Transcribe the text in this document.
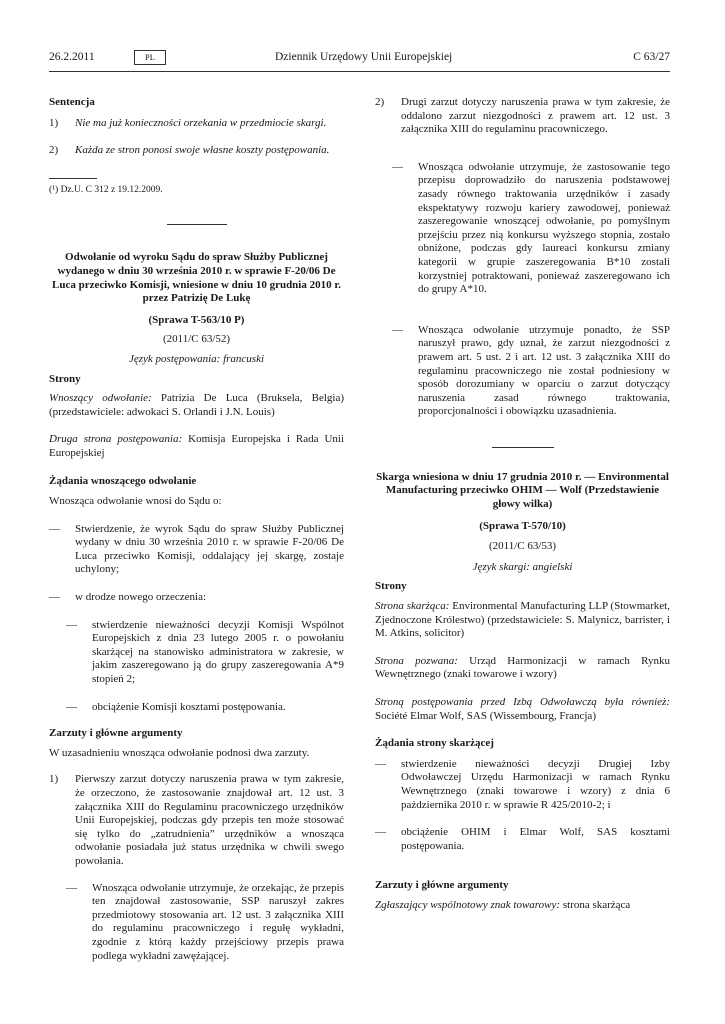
26.2.2011	PL	Dziennik Urzędowy Unii Europejskiej	C 63/27

Sentencja

1)	Nie ma już konieczności orzekania w przedmiocie skargi.
2)	Każda ze stron ponosi swoje własne koszty postępowania.

(¹) Dz.U. C 312 z 19.12.2009.

Odwołanie od wyroku Sądu do spraw Służby Publicznej wydanego w dniu 30 września 2010 r. w sprawie F-20/06 De Luca przeciwko Komisji, wniesione w dniu 10 grudnia 2010 r. przez Patrizię De Lukę

(Sprawa T-563/10 P)

(2011/C 63/52)

Język postępowania: francuski

Strony

Wnoszący odwołanie: Patrizia De Luca (Bruksela, Belgia) (przedstawiciele: adwokaci S. Orlandi i J.N. Louis)

Druga strona postępowania: Komisja Europejska i Rada Unii Europejskiej

Żądania wnoszącego odwołanie

Wnosząca odwołanie wnosi do Sądu o:

—	Stwierdzenie, że wyrok Sądu do spraw Służby Publicznej wydany w dniu 30 września 2010 r. w sprawie F-20/06 De Luca przeciwko Komisji, oddalający jej skargę, zostaje uchylony;
—	w drodze nowego orzeczenia:
—	stwierdzenie nieważności decyzji Komisji Wspólnot Europejskich z dnia 23 lutego 2005 r. o powołaniu skarżącej na stanowisko administratora w zakresie, w jakim zaszeregowano ją do grupy zaszeregowania A*9 stopień 2;
—	obciążenie Komisji kosztami postępowania.

Zarzuty i główne argumenty

W uzasadnieniu wnosząca odwołanie podnosi dwa zarzuty.

1)	Pierwszy zarzut dotyczy naruszenia prawa w tym zakresie, że orzeczono, że zastosowanie znajdował art. 12 ust. 3 załącznika XIII do Regulaminu pracowniczego urzędników Unii Europejskiej, podczas gdy przepis ten może stosować się tylko do „zatrudnienia” urzędników a wnosząca odwołanie posiadała już status urzędnika w chwili swego powołania.
—	Wnosząca odwołanie utrzymuje, że orzekając, że przepis ten znajdował zastosowanie, SSP naruszył zakres przedmiotowy stosowania art. 12 ust. 3 załącznika XIII do regulaminu pracowniczego i regułę wykładni, zgodnie z którą każdy przejściowy przepis prawa podlega wykładni zawężającej.
2)	Drugi zarzut dotyczy naruszenia prawa w tym zakresie, że oddalono zarzut niezgodności z prawem art. 12 ust. 3 załącznika XIII do regulaminu pracowniczego.
—	Wnosząca odwołanie utrzymuje, że zastosowanie tego przepisu doprowadziło do naruszenia podstawowej zasady równego traktowania urzędników i zasady ekspektatywy rozwoju kariery zawodowej, ponieważ zaszeregowanie wnoszącej odwołanie, po pomyślnym przejściu przez nią konkursu wyższego stopnia, zostało obniżone, podczas gdy laureaci konkursu zmiany kategorii w grupie zaszeregowania B*10 zostali korzystniej potraktowani, ponieważ zaszeregowano ich do grupy A*10.
—	Wnosząca odwołanie utrzymuje ponadto, że SSP naruszył prawo, gdy uznał, że zarzut niezgodności z prawem art. 5 ust. 2 i art. 12 ust. 3 załącznika XIII do regulaminu pracowniczego nie został podniesiony w sposób dorozumiany w oparciu o zarzut dotyczący naruszenia zasad równego traktowania, proporcjonalności i obowiązku uzasadnienia.

Skarga wniesiona w dniu 17 grudnia 2010 r. — Environmental Manufacturing przeciwko OHIM — Wolf (Przedstawienie głowy wilka)

(Sprawa T-570/10)

(2011/C 63/53)

Język skargi: angielski

Strony

Strona skarżąca: Environmental Manufacturing LLP (Stowmarket, Zjednoczone Królestwo) (przedstawiciele: S. Malynicz, barrister, i M. Atkins, solicitor)

Strona pozwana: Urząd Harmonizacji w ramach Rynku Wewnętrznego (znaki towarowe i wzory)

Stroną postępowania przed Izbą Odwoławczą była również: Société Elmar Wolf, SAS (Wissembourg, Francja)

Żądania strony skarżącej

—	stwierdzenie nieważności decyzji Drugiej Izby Odwoławczej Urzędu Harmonizacji w ramach Rynku Wewnętrznego (znaki towarowe i wzory) z dnia 6 października 2010 r. w sprawie R 425/2010-2; i
—	obciążenie OHIM i Elmar Wolf, SAS kosztami postępowania.

Zarzuty i główne argumenty

Zgłaszający wspólnotowy znak towarowy: strona skarżąca
